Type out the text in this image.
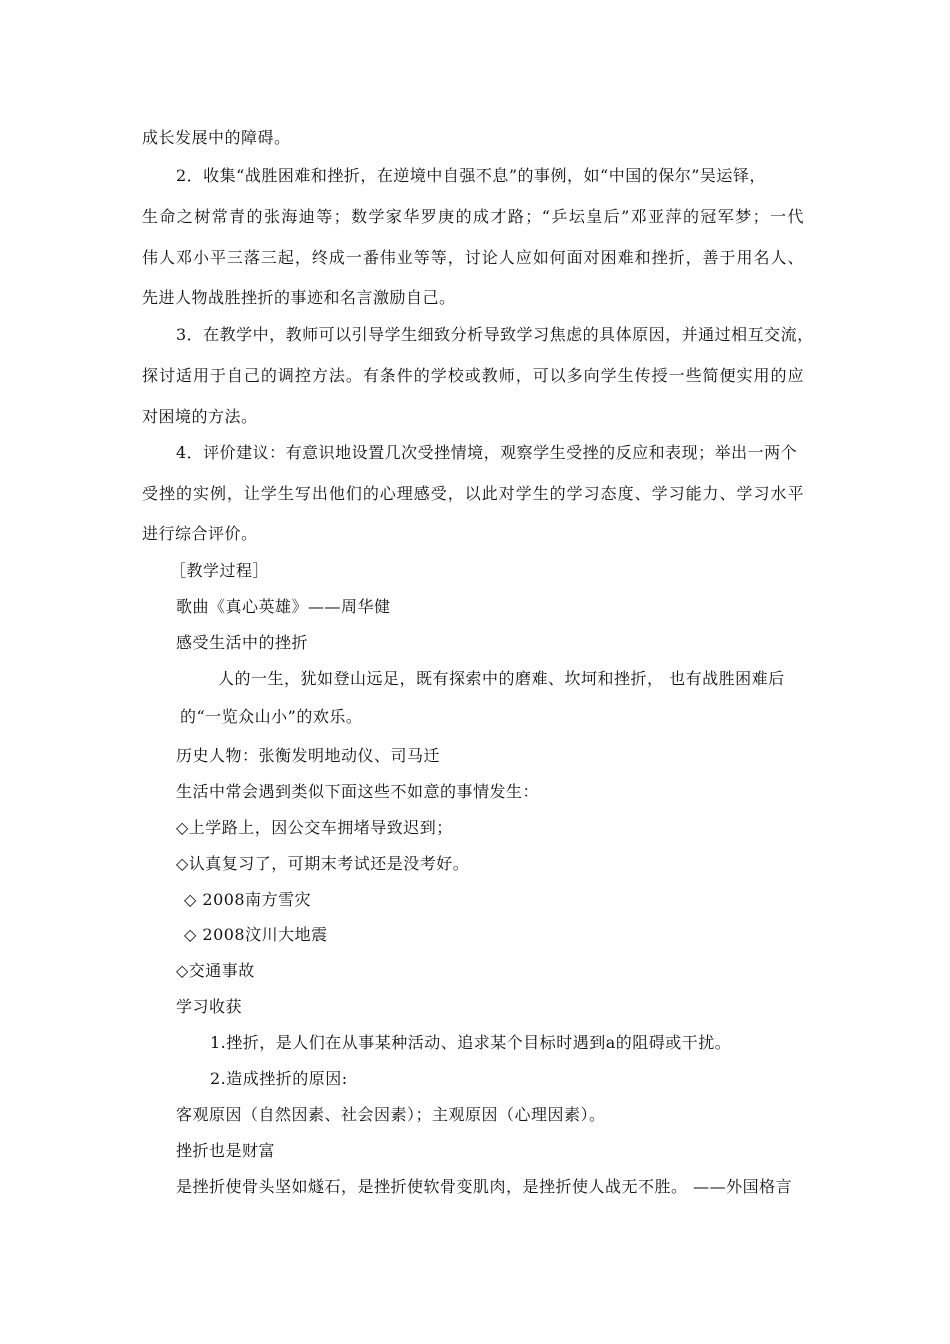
成长发展中的障碍。
2．收集“战胜困难和挫折，在逆境中自强不息”的事例，如“中国的保尔”吴运铎，
生命之树常青的张海迪等；数学家华罗庚的成才路；“乒坛皇后”邓亚萍的冠军梦；一代
伟人邓小平三落三起，终成一番伟业等等，讨论人应如何面对困难和挫折，善于用名人、
先进人物战胜挫折的事迹和名言激励自己。
3．在教学中，教师可以引导学生细致分析导致学习焦虑的具体原因，并通过相互交流，
探讨适用于自己的调控方法。有条件的学校或教师，可以多向学生传授一些简便实用的应
对困境的方法。
4．评价建议：有意识地设置几次受挫情境，观察学生受挫的反应和表现；举出一两个
受挫的实例，让学生写出他们的心理感受，以此对学生的学习态度、学习能力、学习水平
进行综合评价。
［教学过程］
歌曲《真心英雄》——周华健
感受生活中的挫折
人的一生，犹如登山远足，既有探索中的磨难、坎坷和挫折， 也有战胜困难后
的“一览众山小”的欢乐。
历史人物：张衡发明地动仪、司马迁
生活中常会遇到类似下面这些不如意的事情发生：
◇上学路上，因公交车拥堵导致迟到；
◇认真复习了，可期末考试还是没考好。
◇ 2008南方雪灾
◇ 2008汶川大地震
◇交通事故
学习收获
1.挫折，是人们在从事某种活动、追求某个目标时遇到a的阻碍或干扰。
2.造成挫折的原因:
客观原因（自然因素、社会因素）；主观原因（心理因素）。
挫折也是财富
是挫折使骨头坚如燧石，是挫折使软骨变肌肉，是挫折使人战无不胜。 ——外国格言
